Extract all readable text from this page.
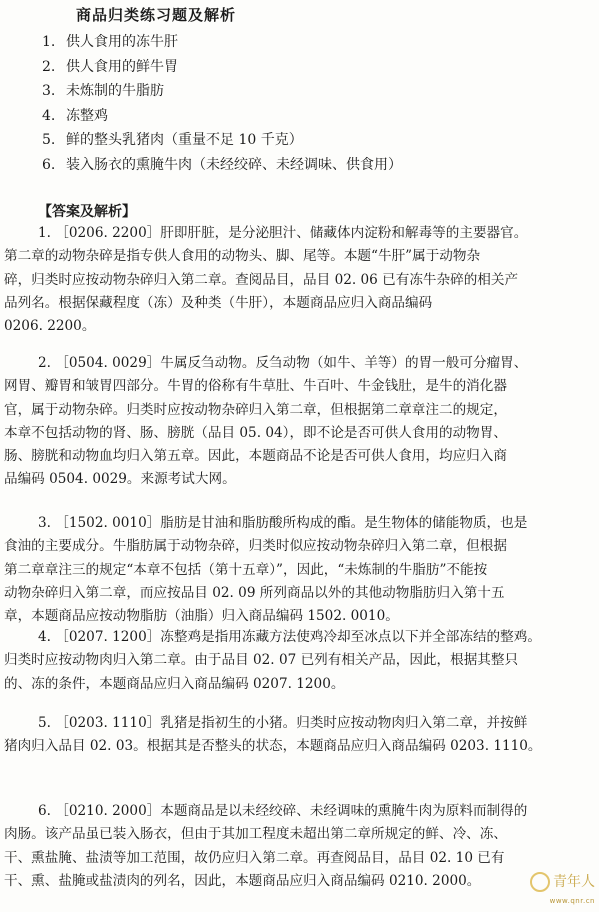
商品归类练习题及解析
1. 供人食用的冻牛肝
2. 供人食用的鲜牛胃
3. 未炼制的牛脂肪
4. 冻整鸡
5. 鲜的整头乳猪肉（重量不足 10 千克）
6. 装入肠衣的熏腌牛肉（未经绞碎、未经调味、供食用）
【答案及解析】
1. ［0206. 2200］肝即肝脏，是分泌胆汁、储藏体内淀粉和解毒等的主要器官。
第二章的动物杂碎是指专供人食用的动物头、脚、尾等。本题“牛肝”属于动物杂
碎，归类时应按动物杂碎归入第二章。查阅品目，品目 02. 06 已有冻牛杂碎的相关产
品列名。根据保藏程度（冻）及种类（牛肝），本题商品应归入商品编码
0206. 2200。
2. ［0504. 0029］牛属反刍动物。反刍动物（如牛、羊等）的胃一般可分瘤胃、
网胃、瓣胃和皱胃四部分。牛胃的俗称有牛草肚、牛百叶、牛金钱肚，是牛的消化器
官，属于动物杂碎。归类时应按动物杂碎归入第二章，但根据第二章章注二的规定，
本章不包括动物的肾、肠、膀胱（品目 05. 04），即不论是否可供人食用的动物胃、
肠、膀胱和动物血均归入第五章。因此，本题商品不论是否可供人食用，均应归入商
品编码 0504. 0029。来源考试大网。
3. ［1502. 0010］脂肪是甘油和脂肪酸所构成的酯。是生物体的储能物质，也是
食油的主要成分。牛脂肪属于动物杂碎，归类时似应按动物杂碎归入第二章，但根据
第二章章注三的规定“本章不包括（第十五章）”，因此，“未炼制的牛脂肪”不能按
动物杂碎归入第二章，而应按品目 02. 09 所列商品以外的其他动物脂肪归入第十五
章，本题商品应按动物脂肪（油脂）归入商品编码 1502. 0010。
4. ［0207. 1200］冻整鸡是指用冻藏方法使鸡冷却至冰点以下并全部冻结的整鸡。
归类时应按动物肉归入第二章。由于品目 02. 07 已列有相关产品，因此，根据其整只
的、冻的条件，本题商品应归入商品编码 0207. 1200。
5. ［0203. 1110］乳猪是指初生的小猪。归类时应按动物肉归入第二章，并按鲜
猪肉归入品目 02. 03。根据其是否整头的状态，本题商品应归入商品编码 0203. 1110。
6. ［0210. 2000］本题商品是以未经绞碎、未经调味的熏腌牛肉为原料而制得的
肉肠。该产品虽已装入肠衣，但由于其加工程度未超出第二章所规定的鲜、冷、冻、
干、熏盐腌、盐渍等加工范围，故仍应归入第二章。再查阅品目，品目 02. 10 已有
干、熏、盐腌或盐渍肉的列名，因此，本题商品应归入商品编码 0210. 2000。	青年人
www.qnr.cn
